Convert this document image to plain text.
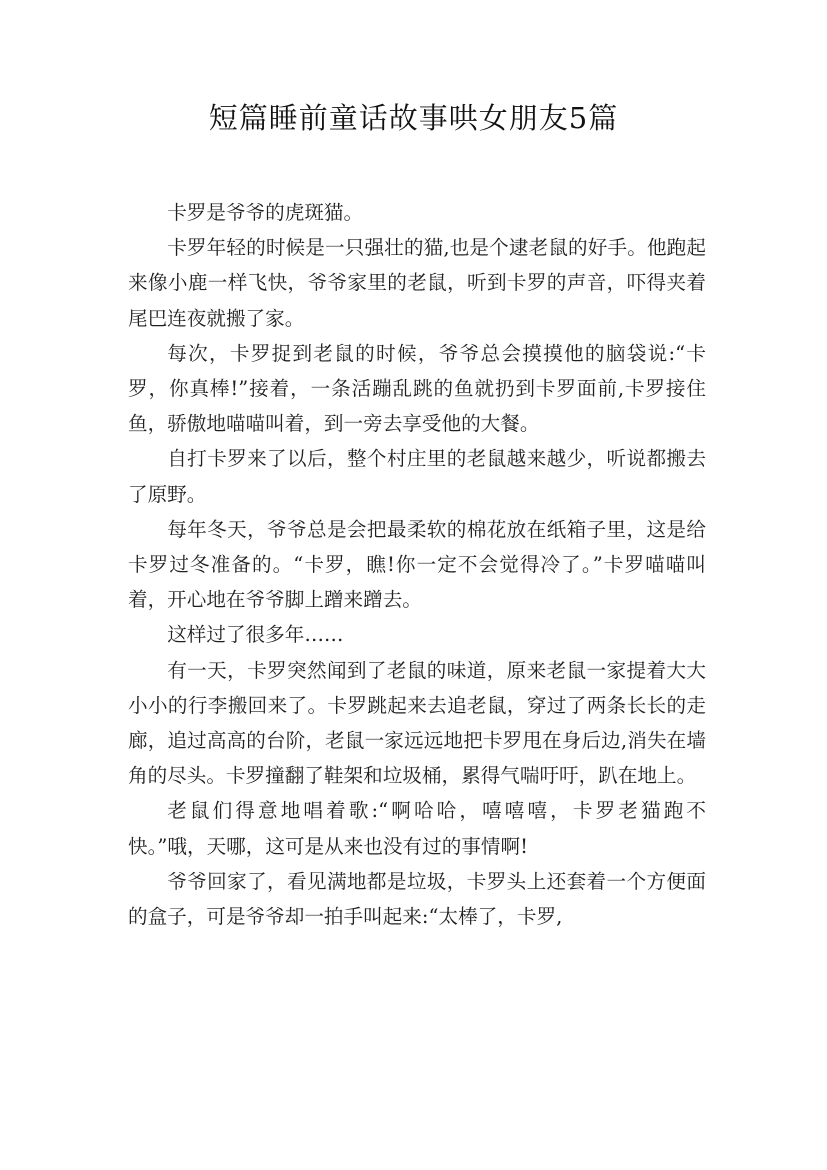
短篇睡前童话故事哄女朋友5篇

卡罗是爷爷的虎斑猫。

卡罗年轻的时候是一只强壮的猫,也是个逮老鼠的好手。他跑起来像小鹿一样飞快，爷爷家里的老鼠，听到卡罗的声音，吓得夹着尾巴连夜就搬了家。

每次，卡罗捉到老鼠的时候，爷爷总会摸摸他的脑袋说:“卡罗，你真棒!”接着，一条活蹦乱跳的鱼就扔到卡罗面前,卡罗接住鱼，骄傲地喵喵叫着，到一旁去享受他的大餐。

自打卡罗来了以后，整个村庄里的老鼠越来越少，听说都搬去了原野。

每年冬天，爷爷总是会把最柔软的棉花放在纸箱子里，这是给卡罗过冬准备的。“卡罗，瞧!你一定不会觉得冷了。”卡罗喵喵叫着，开心地在爷爷脚上蹭来蹭去。

这样过了很多年……

有一天，卡罗突然闻到了老鼠的味道，原来老鼠一家提着大大小小的行李搬回来了。卡罗跳起来去追老鼠，穿过了两条长长的走廊，追过高高的台阶，老鼠一家远远地把卡罗甩在身后边,消失在墙角的尽头。卡罗撞翻了鞋架和垃圾桶，累得气喘吁吁，趴在地上。

老鼠们得意地唱着歌:“啊哈哈，嘻嘻嘻，卡罗老猫跑不快。”哦，天哪，这可是从来也没有过的事情啊!

爷爷回家了，看见满地都是垃圾，卡罗头上还套着一个方便面的盒子，可是爷爷却一拍手叫起来:“太棒了，卡罗,
